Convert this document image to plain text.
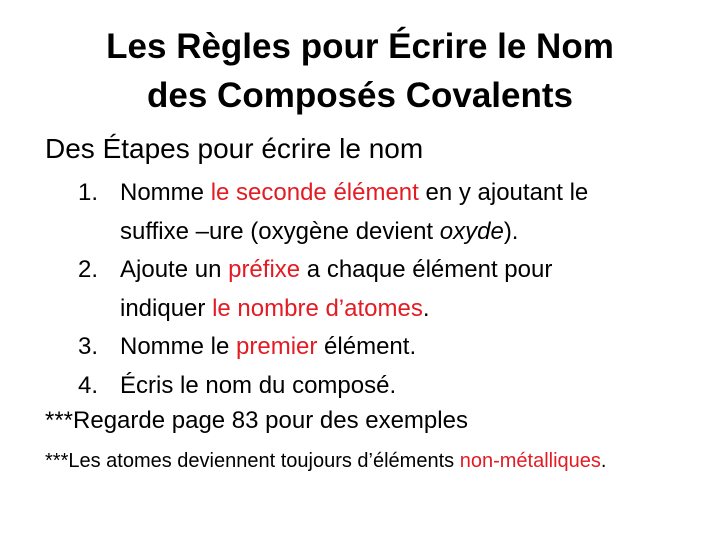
Les Règles pour Écrire le Nom
des Composés Covalents
Des Étapes pour écrire le nom
1. Nomme le seconde élément en y ajoutant le
suffixe –ure (oxygène devient oxyde).
2. Ajoute un préfixe a chaque élément pour
indiquer le nombre d’atomes.
3. Nomme le premier élément.
4. Écris le nom du composé.
***Regarde page 83 pour des exemples
***Les atomes deviennent toujours d’éléments non-métalliques.
